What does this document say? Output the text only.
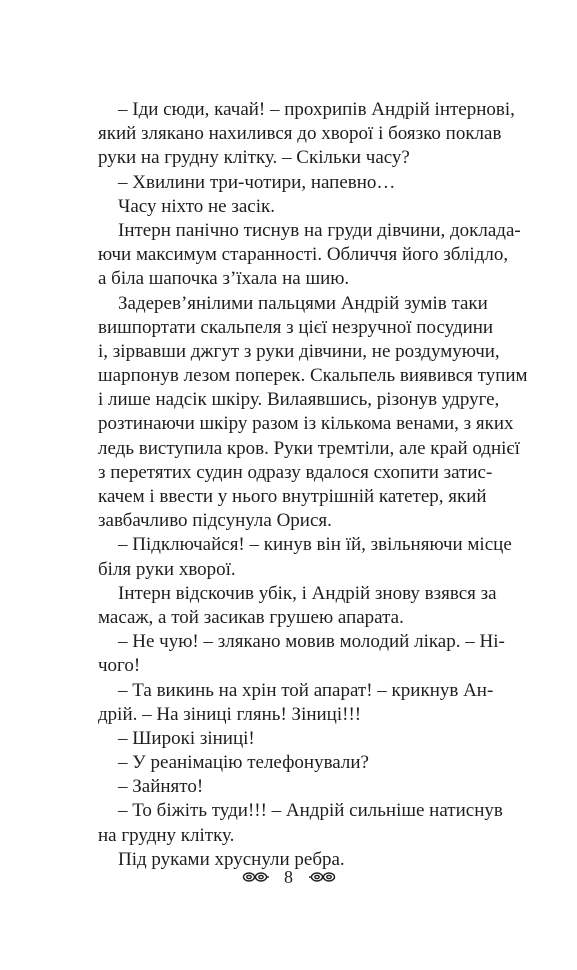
– Іди сюди, качай! – прохрипів Андрій інтернові,
який злякано нахилився до хворої і боязко поклав
руки на грудну клітку. – Скільки часу?
– Хвилини три-чотири, напевно…
Часу ніхто не засік.
Інтерн панічно тиснув на груди дівчини, доклада-
ючи максимум старанності. Обличчя його зблідло,
а біла шапочка з’їхала на шию.
Задерев’янілими пальцями Андрій зумів таки
вишпортати скальпеля з цієї незручної посудини
і, зірвавши джгут з руки дівчини, не роздумуючи,
шарпонув лезом поперек. Скальпель виявився тупим
і лише надсік шкіру. Вилаявшись, різонув удруге,
розтинаючи шкіру разом із кількома венами, з яких
ледь виступила кров. Руки тремтіли, але край однієї
з перетятих судин одразу вдалося схопити затис-
качем і ввести у нього внутрішній катетер, який
завбачливо підсунула Орися.
– Підключайся! – кинув він їй, звільняючи місце
біля руки хворої.
Інтерн відскочив убік, і Андрій знову взявся за
масаж, а той засикав грушею апарата.
– Не чую! – злякано мовив молодий лікар. – Ні-
чого!
– Та викинь на хрін той апарат! – крикнув Ан-
дрій. – На зіниці глянь! Зіниці!!!
– Широкі зіниці!
– У реанімацію телефонували?
– Зайнято!
– То біжіть туди!!! – Андрій сильніше натиснув
на грудну клітку.
Під руками хруснули ребра.
8
